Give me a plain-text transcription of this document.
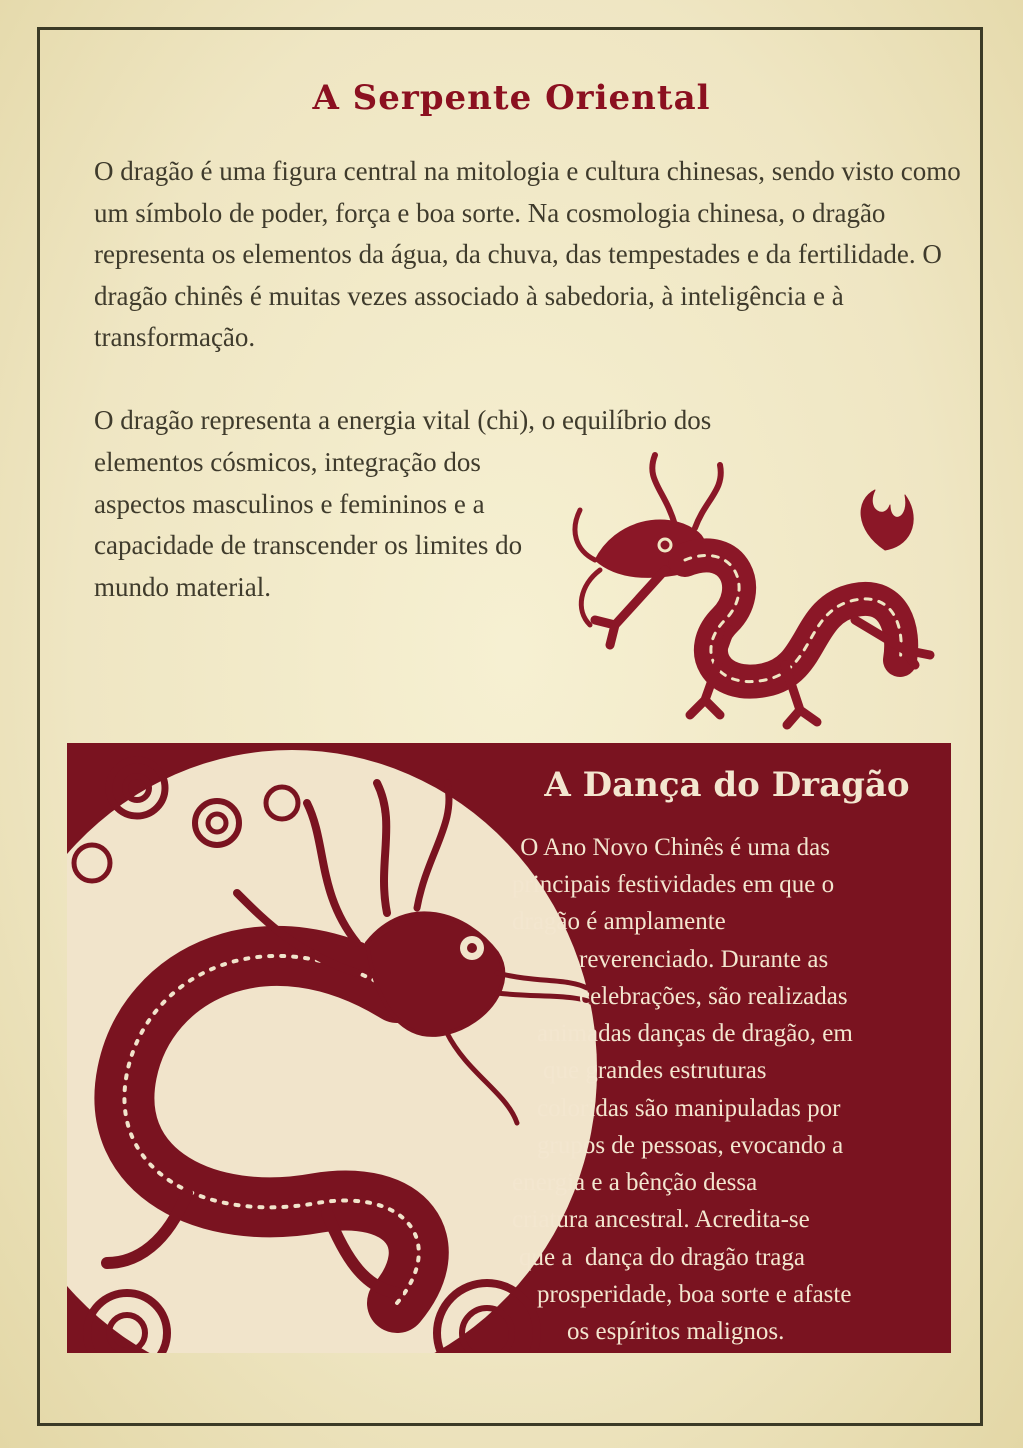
A Serpente Oriental

O dragão é uma figura central na mitologia e cultura chinesas, sendo visto como um símbolo de poder, força e boa sorte. Na cosmologia chinesa, o dragão representa os elementos da água, da chuva, das tempestades e da fertilidade. O dragão chinês é muitas vezes associado à sabedoria, à inteligência e à transformação.

O dragão representa a energia vital (chi), o equilíbrio dos

elementos cósmicos, integração dos aspectos masculinos e femininos e a capacidade de transcender os limites do mundo material.

A Dança do Dragão

O Ano Novo Chinês é uma das

principais festividades em que o

dragão é amplamente

reverenciado. Durante as

celebrações, são realizadas

animadas danças de dragão, em

que grandes estruturas

coloridas são manipuladas por

grupos de pessoas, evocando a

energia e a bênção dessa

criatura ancestral. Acredita-se

que a  dança do dragão traga

prosperidade, boa sorte e afaste

os espíritos malignos.
